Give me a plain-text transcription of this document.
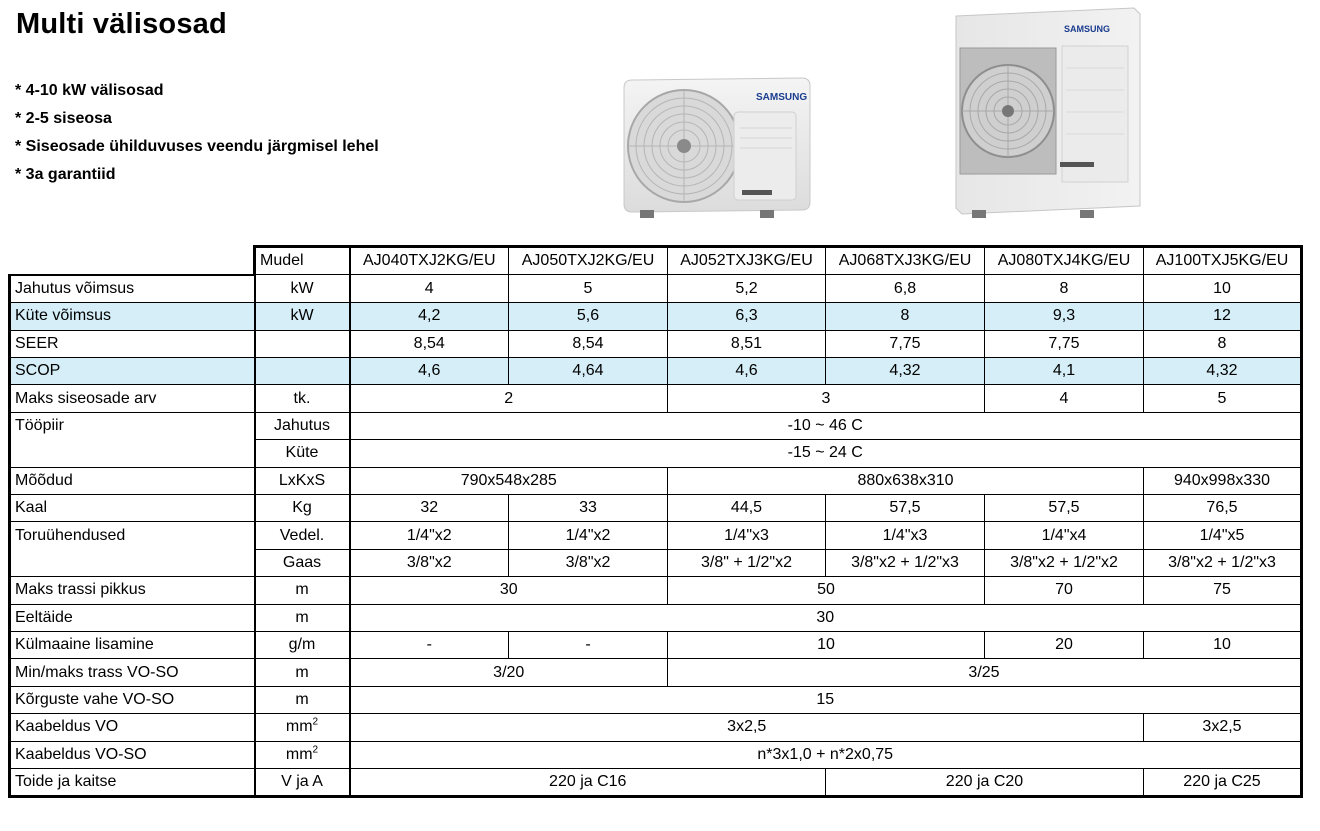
Multi välisosad
* 4-10 kW välisosad
* 2-5 siseosa
* Siseosade ühilduvuses veendu järgmisel lehel
* 3a garantiid
SAMSUNG
SAMSUNG
	Mudel	AJ040TXJ2KG/EU	AJ050TXJ2KG/EU	AJ052TXJ3KG/EU	AJ068TXJ3KG/EU	AJ080TXJ4KG/EU	AJ100TXJ5KG/EU
Jahutus võimsus	kW	4	5	5,2	6,8	8	10
Küte võimsus	kW	4,2	5,6	6,3	8	9,3	12
SEER		8,54	8,54	8,51	7,75	7,75	8
SCOP		4,6	4,64	4,6	4,32	4,1	4,32
Maks siseosade arv	tk.	2		3		4	5
Tööpiir	Jahutus	-10 ~ 46 C					
	Küte	-15 ~ 24 C					
Mõõdud	LxKxS	790x548x285		880x638x310			940x998x330
Kaal	Kg	32	33	44,5	57,5	57,5	76,5
Toruühendused	Vedel.	1/4"x2	1/4"x2	1/4"x3	1/4"x3	1/4"x4	1/4"x5
	Gaas	3/8"x2	3/8"x2	3/8" + 1/2"x2	3/8"x2 + 1/2"x3	3/8"x2 + 1/2"x2	3/8"x2 + 1/2"x3
Maks trassi pikkus	m	30		50		70	75
Eeltäide	m	30					
Külmaaine lisamine	g/m	-	-	10		20	10
Min/maks trass VO-SO	m	3/20		3/25			
Kõrguste vahe VO-SO	m	15					
Kaabeldus VO	$mm^2$	3x2,5					3x2,5
Kaabeldus VO-SO	$mm^2$	n*3x1,0 + n*2x0,75					
Toide ja kaitse	V ja A	220 ja C16			220 ja C20		220 ja C25
